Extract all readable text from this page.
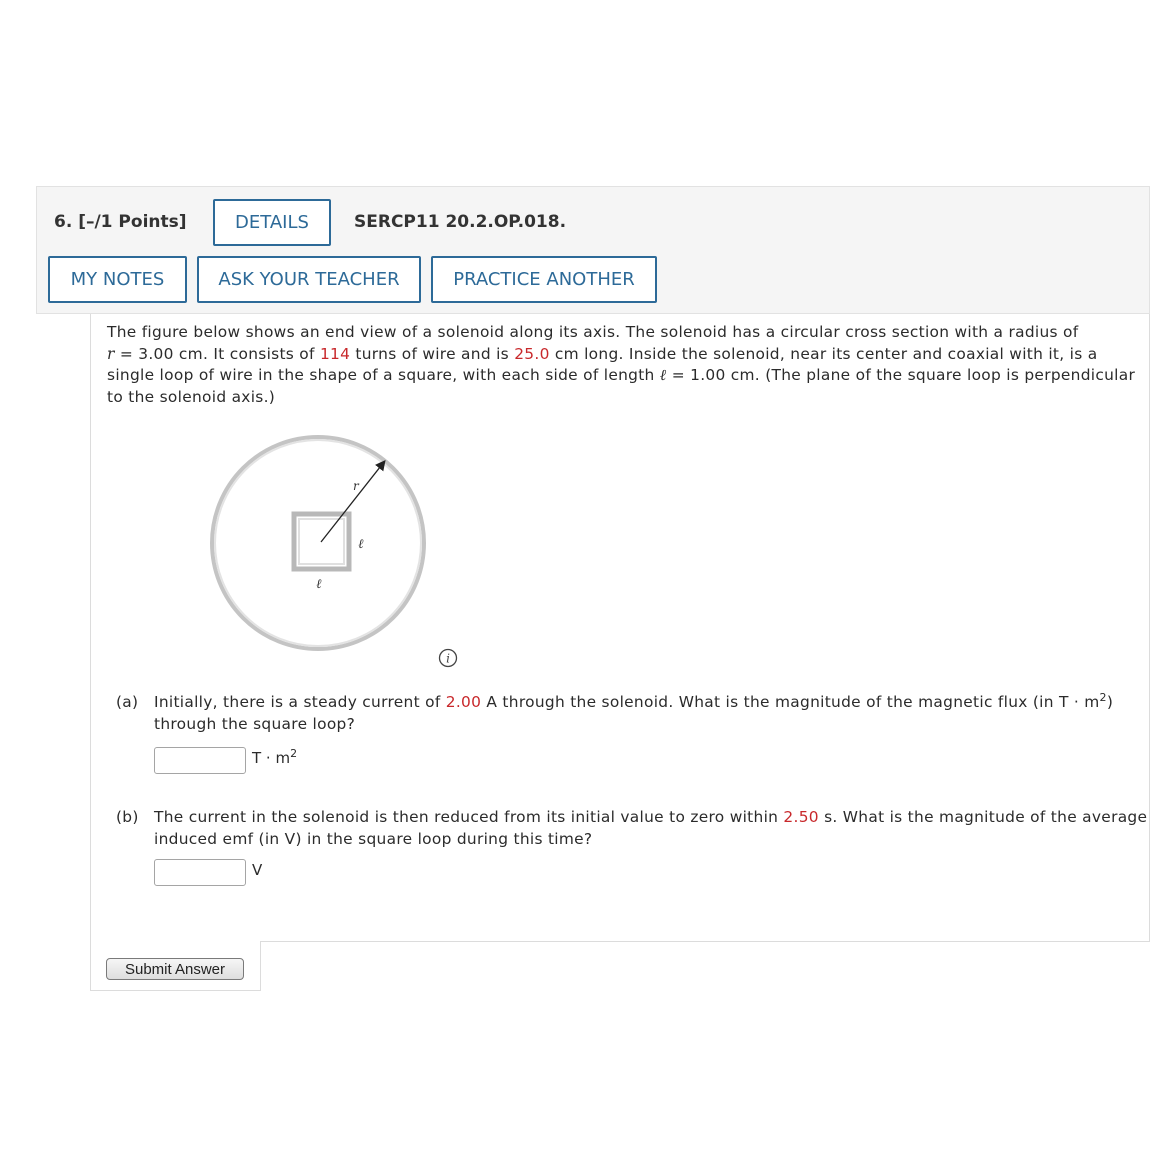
6. [–/1 Points]	DETAILS	SERCP11 20.2.OP.018.
MY NOTES	ASK YOUR TEACHER	PRACTICE ANOTHER
The figure below shows an end view of a solenoid along its axis. The solenoid has a circular cross section with a radius of
r = 3.00 cm. It consists of 114 turns of wire and is 25.0 cm long. Inside the solenoid, near its center and coaxial with it, is a single loop of wire in the shape of a square, with each side of length ℓ = 1.00 cm. (The plane of the square loop is perpendicular to the solenoid axis.)
r
ℓ
ℓ
i
(a) Initially, there is a steady current of 2.00 A through the solenoid. What is the magnitude of the magnetic flux (in $T \cdot m^2$) through the square loop?
$T \cdot m^2$
(b) The current in the solenoid is then reduced from its initial value to zero within 2.50 s. What is the magnitude of the average induced emf (in V) in the square loop during this time?
V
Submit Answer
